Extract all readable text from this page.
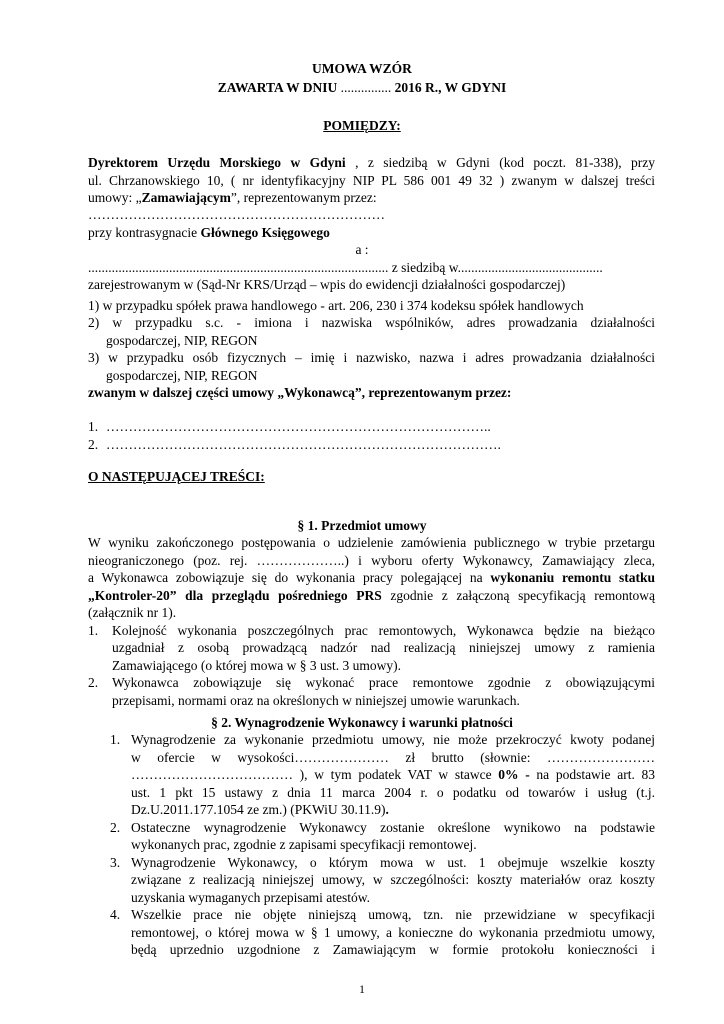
UMOWA WZÓR
ZAWARTA W DNIU ............... 2016 R., W GDYNI
POMIĘDZY:
Dyrektorem Urzędu Morskiego w Gdyni , z siedzibą w Gdyni (kod poczt. 81-338), przy
ul. Chrzanowskiego 10, ( nr identyfikacyjny NIP PL 586 001 49 32 ) zwanym w dalszej treści
umowy: „Zamawiającym”, reprezentowanym przez:
…………………………………………………………
przy kontrasygnacie Głównego Księgowego
a :
......................................................................................... z siedzibą w...........................................
zarejestrowanym w (Sąd-Nr KRS/Urząd – wpis do ewidencji działalności gospodarczej)
1) w przypadku spółek prawa handlowego - art. 206, 230 i 374 kodeksu spółek handlowych
2) w przypadku s.c. - imiona i nazwiska wspólników, adres prowadzania działalności
gospodarczej, NIP, REGON
3) w przypadku osób fizycznych – imię i nazwisko, nazwa i adres prowadzania działalności
gospodarczej, NIP, REGON
zwanym w dalszej części umowy „Wykonawcą”, reprezentowanym przez:
1. …………………………………………………………………………..
2. …………………………………………………………………………….
O NASTĘPUJĄCEJ TREŚCI:
§ 1. Przedmiot umowy
W wyniku zakończonego postępowania o udzielenie zamówienia publicznego w trybie przetargu
nieograniczonego (poz. rej. ………………..) i wyboru oferty Wykonawcy, Zamawiający zleca,
a Wykonawca zobowiązuje się do wykonania pracy polegającej na wykonaniu remontu statku
„Kontroler-20” dla przeglądu pośredniego PRS zgodnie z załączoną specyfikacją remontową
(załącznik nr 1).
1. Kolejność wykonania poszczególnych prac remontowych, Wykonawca będzie na bieżąco
uzgadniał z osobą prowadzącą nadzór nad realizacją niniejszej umowy z ramienia
Zamawiającego (o której mowa w § 3 ust. 3 umowy).
2. Wykonawca zobowiązuje się wykonać prace remontowe zgodnie z obowiązującymi
przepisami, normami oraz na określonych w niniejszej umowie warunkach.
§ 2. Wynagrodzenie Wykonawcy i warunki płatności
1. Wynagrodzenie za wykonanie przedmiotu umowy, nie może przekroczyć kwoty podanej
w ofercie w wysokości………………… zł brutto (słownie: ……………………
……………………………… ), w tym podatek VAT w stawce 0% - na podstawie art. 83
ust. 1 pkt 15 ustawy z dnia 11 marca 2004 r. o podatku od towarów i usług (t.j.
Dz.U.2011.177.1054 ze zm.) (PKWiU 30.11.9).
2. Ostateczne wynagrodzenie Wykonawcy zostanie określone wynikowo na podstawie
wykonanych prac, zgodnie z zapisami specyfikacji remontowej.
3. Wynagrodzenie Wykonawcy, o którym mowa w ust. 1 obejmuje wszelkie koszty
związane z realizacją niniejszej umowy, w szczególności: koszty materiałów oraz koszty
uzyskania wymaganych przepisami atestów.
4. Wszelkie prace nie objęte niniejszą umową, tzn. nie przewidziane w specyfikacji
remontowej, o której mowa w § 1 umowy, a konieczne do wykonania przedmiotu umowy,
będą uprzednio uzgodnione z Zamawiającym w formie protokołu konieczności i
1
